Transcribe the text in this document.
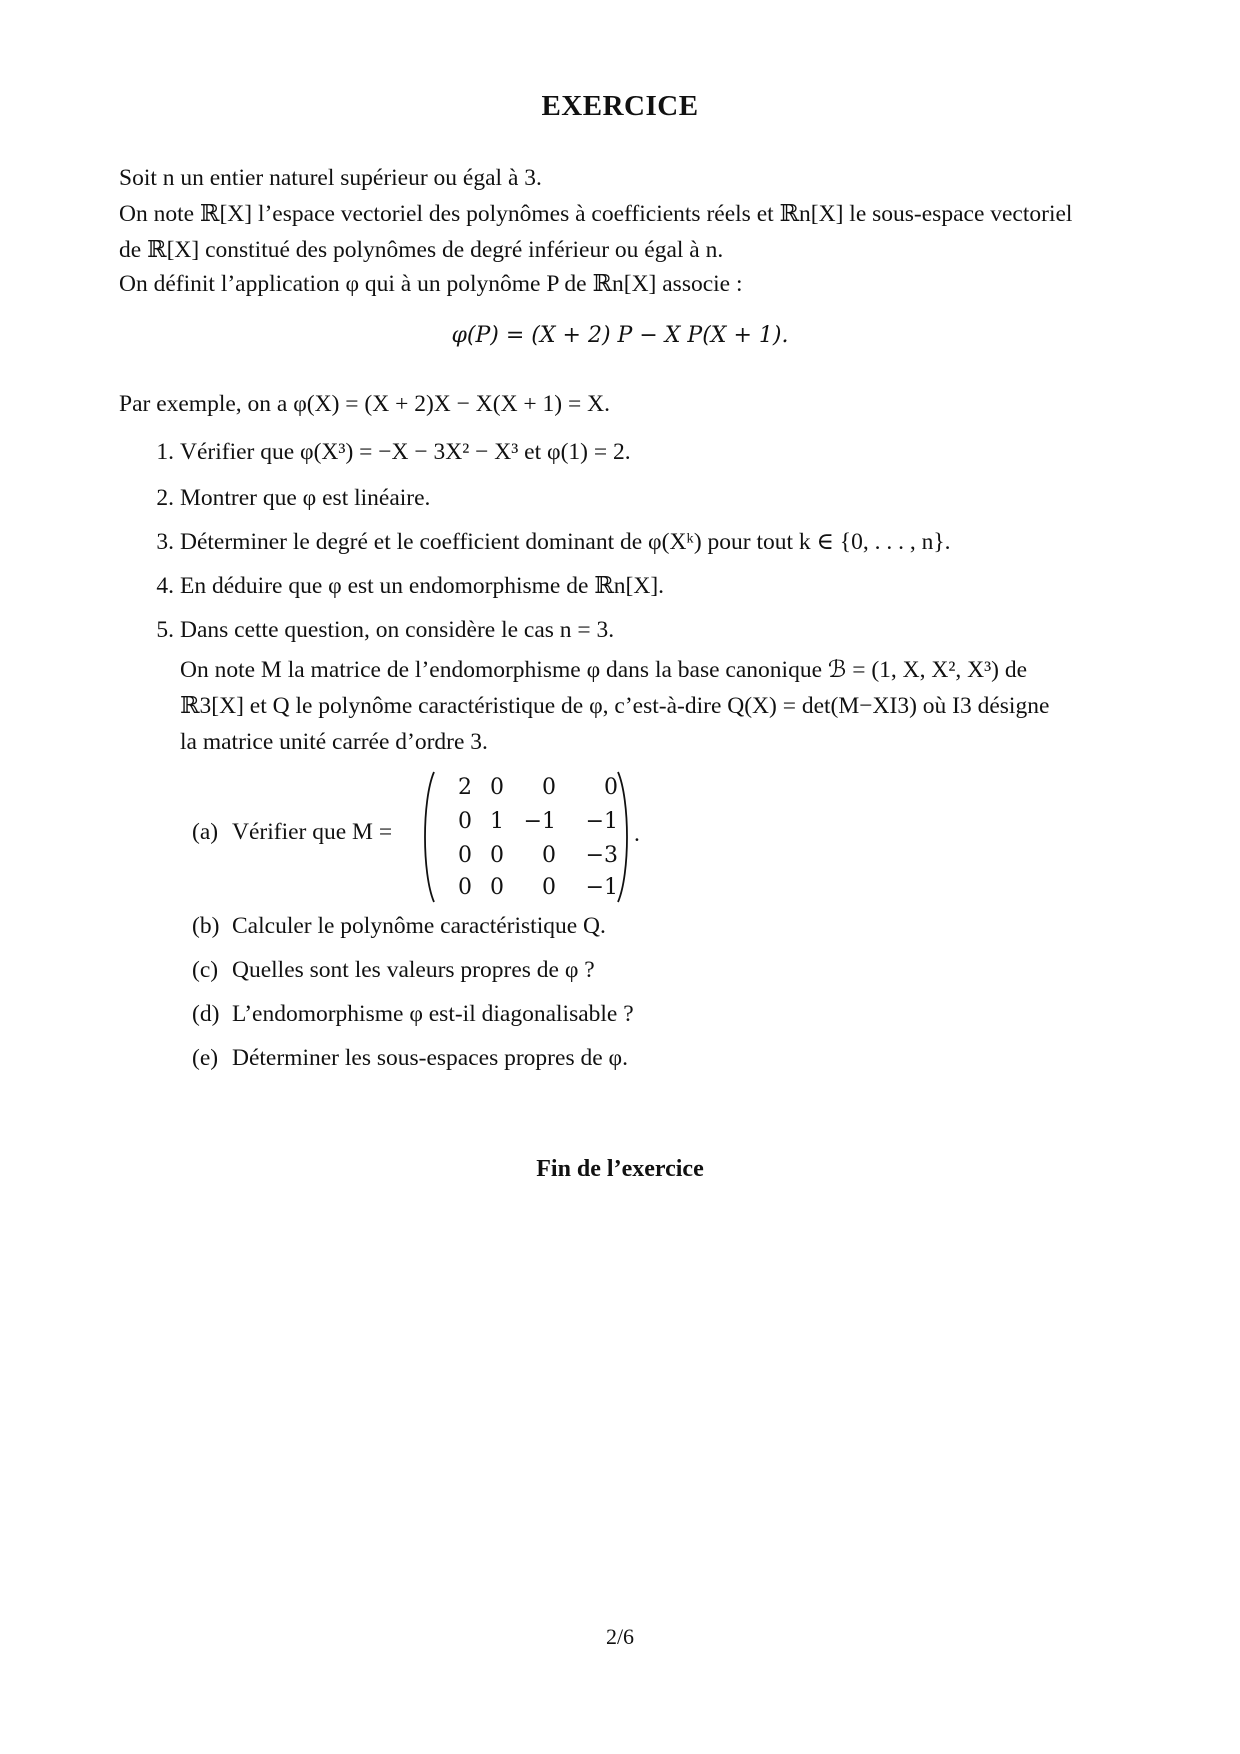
EXERCICE

Soit n un entier naturel supérieur ou égal à 3.

On note ℝ[X] l’espace vectoriel des polynômes à coefficients réels et ℝn[X] le sous-espace vectoriel

de ℝ[X] constitué des polynômes de degré inférieur ou égal à n.

On définit l’application φ qui à un polynôme P de ℝn[X] associe :

φ(P) = (X + 2) P − X P(X + 1).

Par exemple, on a φ(X) = (X + 2)X − X(X + 1) = X.

1. Vérifier que φ(X³) = −X − 3X² − X³ et φ(1) = 2.
2. Montrer que φ est linéaire.
3. Déterminer le degré et le coefficient dominant de φ(Xᵏ) pour tout k ∈ {0, . . . , n}.
4. En déduire que φ est un endomorphisme de ℝn[X].
5. Dans cette question, on considère le cas n = 3.

On note M la matrice de l’endomorphisme φ dans la base canonique ℬ = (1, X, X², X³) de

ℝ3[X] et Q le polynôme caractéristique de φ, c’est-à-dire Q(X) = det(M−XI3) où I3 désigne

la matrice unité carrée d’ordre 3.

(a) Vérifier que M =
2 0	0	0
0 1 −1	−1
0 0	0	−3
0 0	0	−1
.
(b) Calculer le polynôme caractéristique Q.
(c) Quelles sont les valeurs propres de φ ?
(d) L’endomorphisme φ est-il diagonalisable ?
(e) Déterminer les sous-espaces propres de φ.
Fin de l’exercice
2/6
